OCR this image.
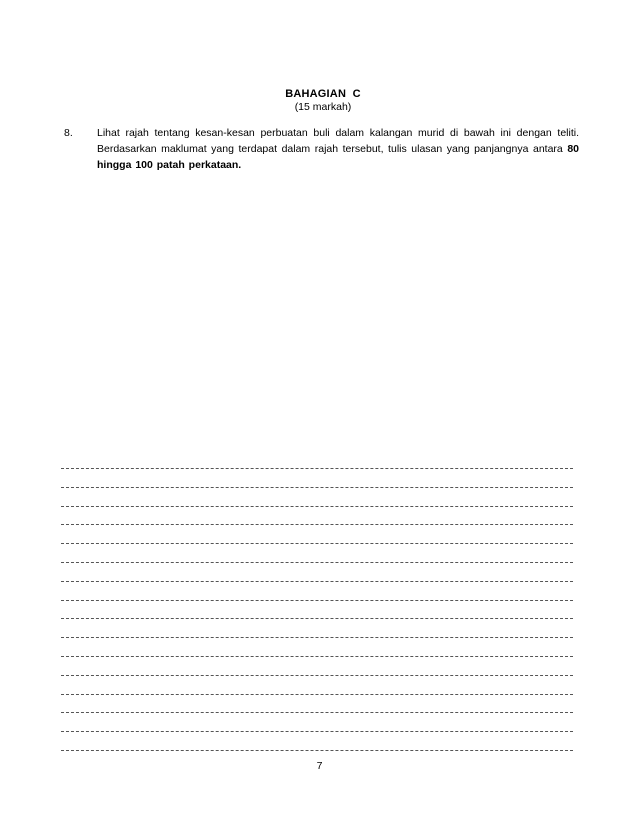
BAHAGIAN  C
(15 markah)
8. Lihat rajah tentang kesan-kesan perbuatan buli dalam kalangan murid di bawah ini dengan teliti. Berdasarkan maklumat yang terdapat dalam rajah tersebut, tulis ulasan yang panjangnya antara 80 hingga 100 patah perkataan.
7
